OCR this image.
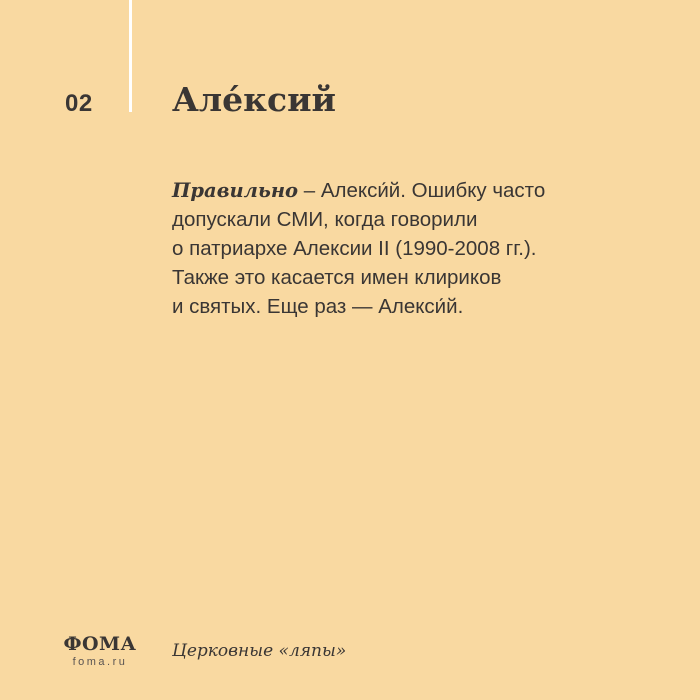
02 Але́ксий
Правильно – Алекси́й. Ошибку часто
допускали СМИ, когда говорили
о патриархе Алексии II (1990-2008 гг.).
Также это касается имен клириков
и святых. Еще раз — Алекси́й.
ФОМА
foma.ru
Церковные «ляпы»
